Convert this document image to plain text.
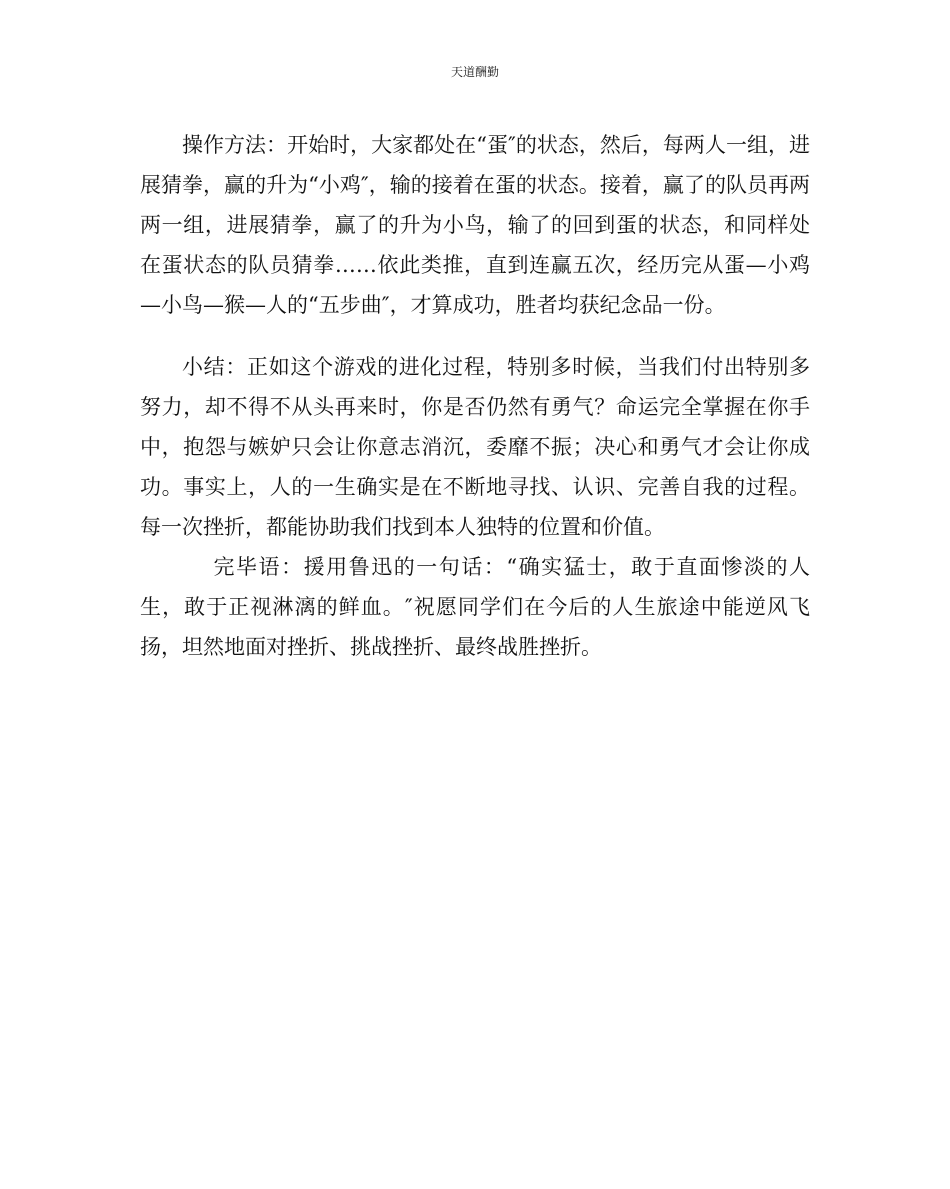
天道酬勤

操作方法：开始时，大家都处在“蛋″的状态，然后，每两人一组，进展猜拳，赢的升为“小鸡″，输的接着在蛋的状态。接着，赢了的队员再两两一组，进展猜拳，赢了的升为小鸟，输了的回到蛋的状态，和同样处在蛋状态的队员猜拳……依此类推，直到连赢五次，经历完从蛋—小鸡—小鸟—猴—人的“五步曲″，才算成功，胜者均获纪念品一份。

小结：正如这个游戏的进化过程，特别多时候，当我们付出特别多努力，却不得不从头再来时，你是否仍然有勇气？命运完全掌握在你手中，抱怨与嫉妒只会让你意志消沉，委靡不振；决心和勇气才会让你成功。事实上，人的一生确实是在不断地寻找、认识、完善自我的过程。每一次挫折，都能协助我们找到本人独特的位置和价值。

完毕语：援用鲁迅的一句话：“确实猛士，敢于直面惨淡的人生，敢于正视淋漓的鲜血。″祝愿同学们在今后的人生旅途中能逆风飞扬，坦然地面对挫折、挑战挫折、最终战胜挫折。
